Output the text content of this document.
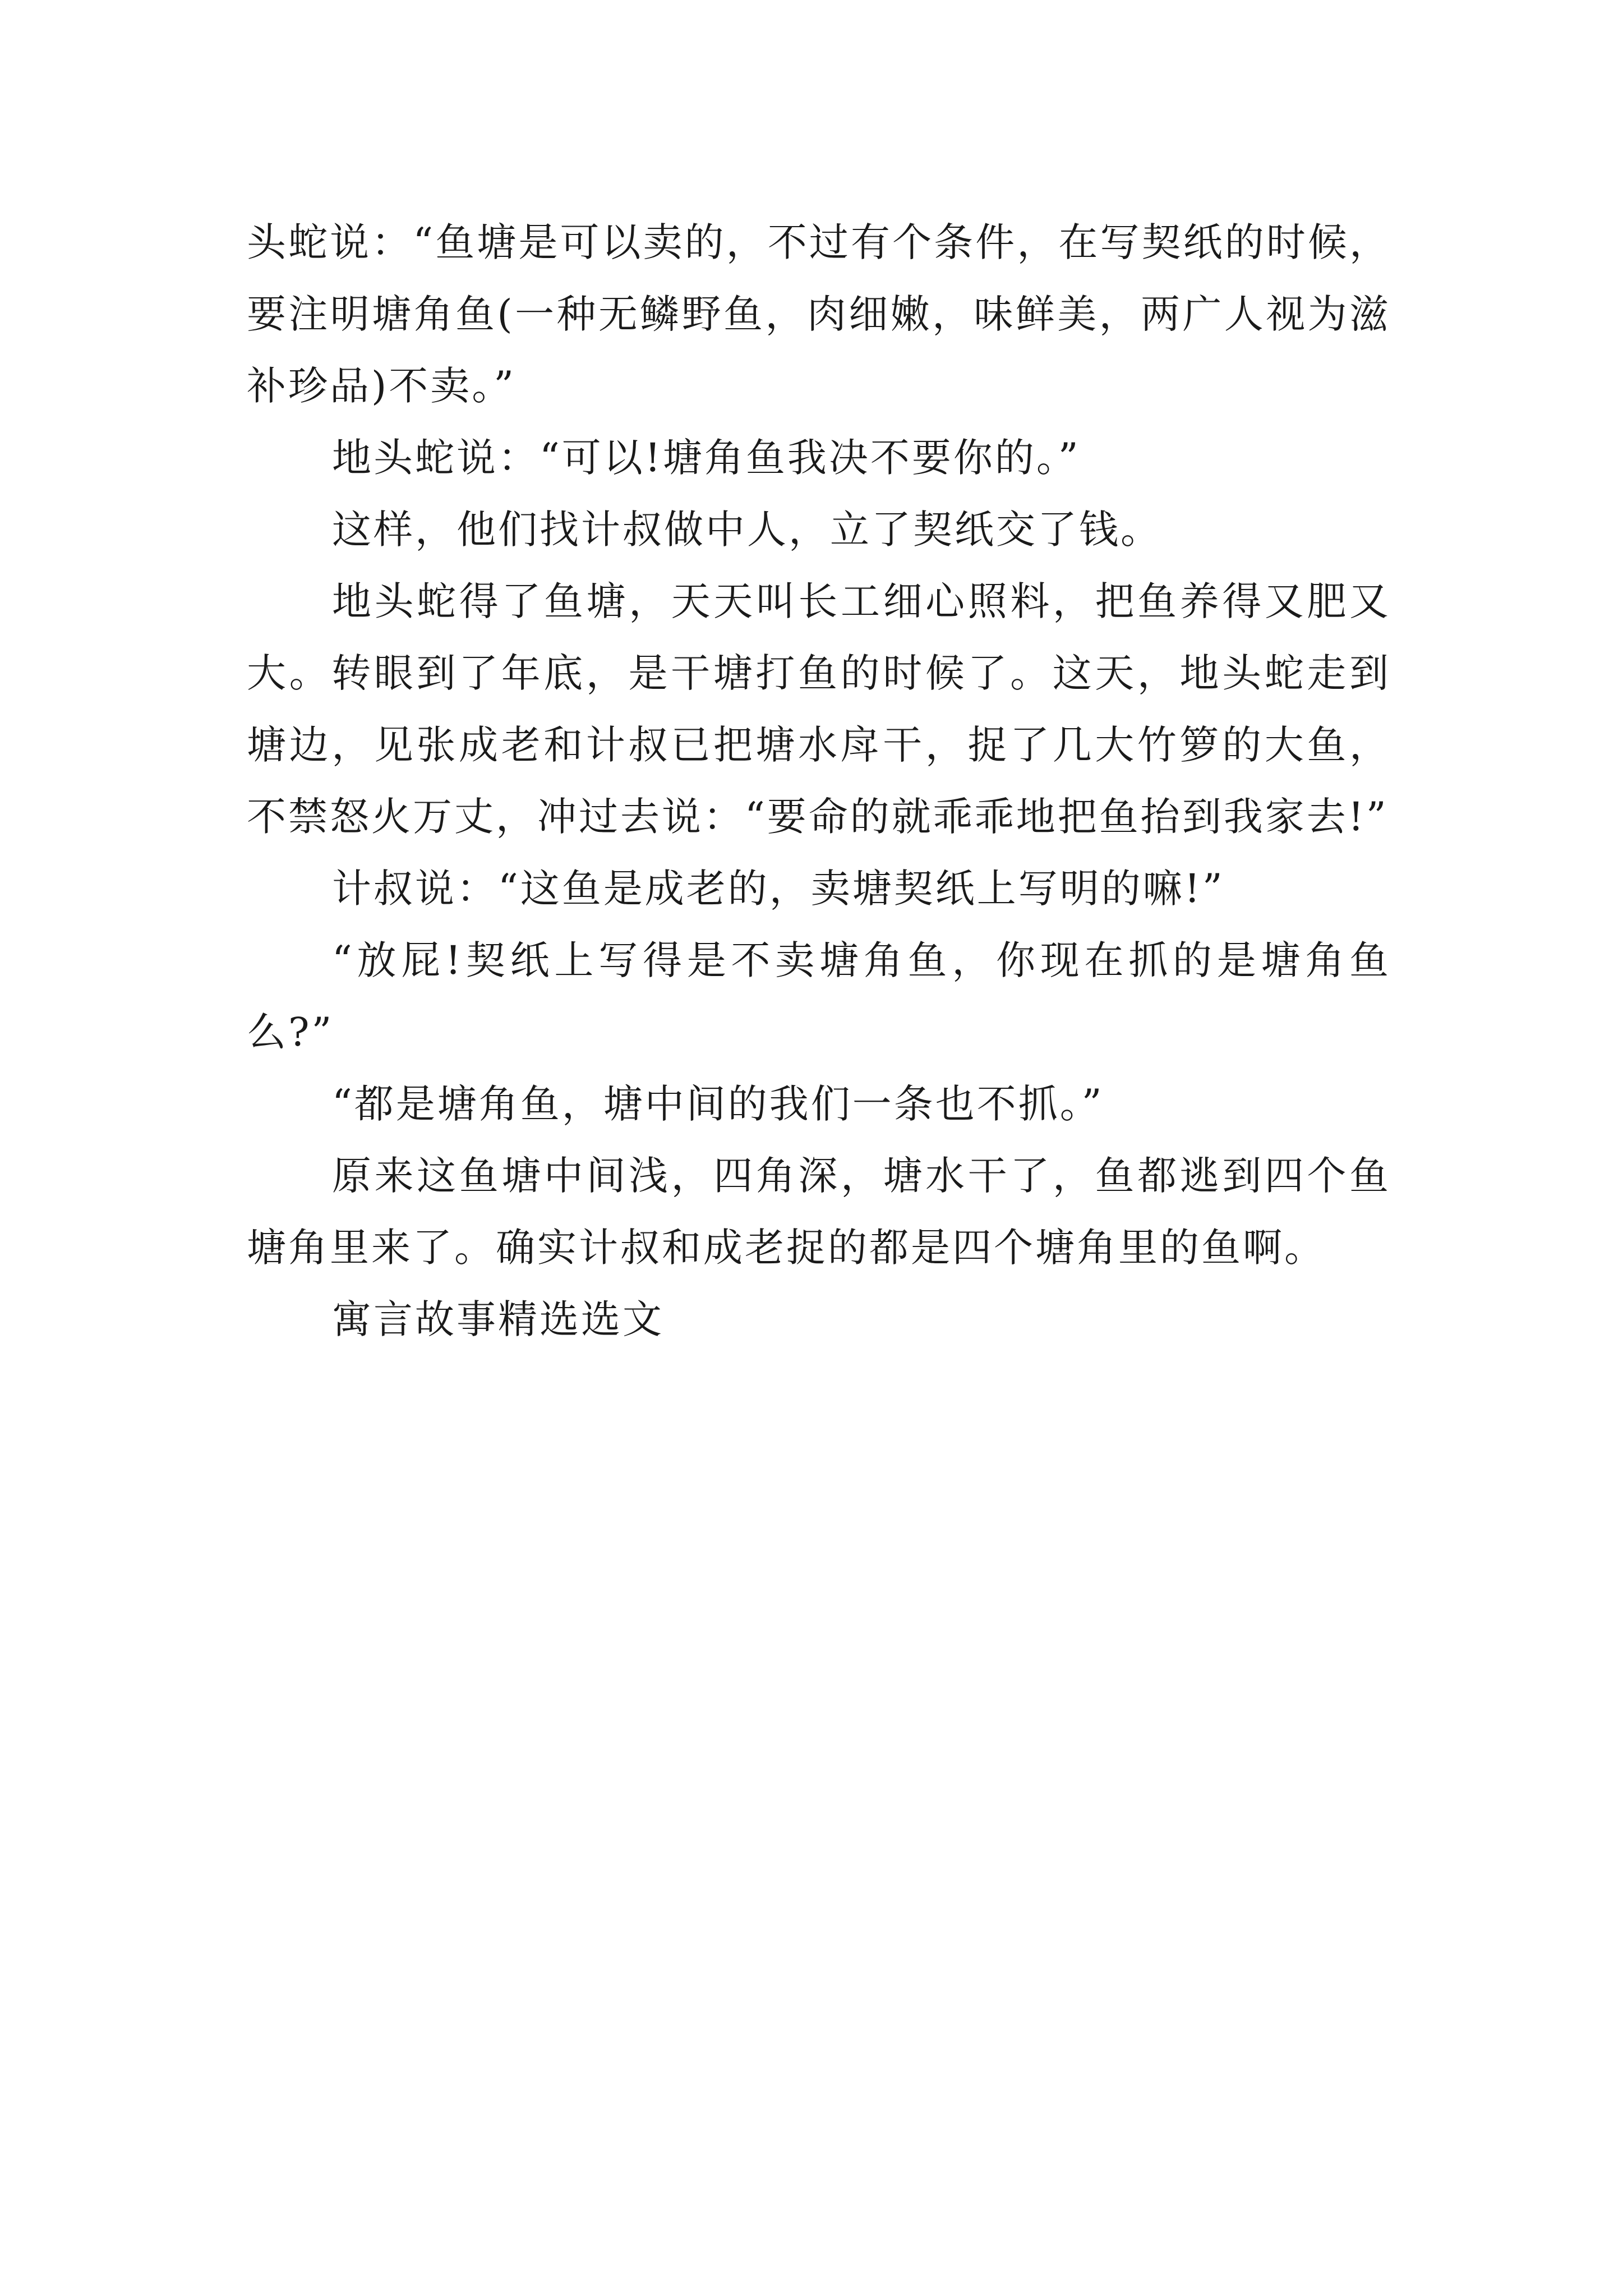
头蛇说：“鱼塘是可以卖的，不过有个条件，在写契纸的时候，要注明塘角鱼(一种无鳞野鱼，肉细嫩，味鲜美，两广人视为滋补珍品)不卖。”

地头蛇说：“可以!塘角鱼我决不要你的。”

这样，他们找计叔做中人，立了契纸交了钱。

地头蛇得了鱼塘，天天叫长工细心照料，把鱼养得又肥又大。转眼到了年底，是干塘打鱼的时候了。这天，地头蛇走到塘边，见张成老和计叔已把塘水戽干，捉了几大竹箩的大鱼，不禁怒火万丈，冲过去说：“要命的就乖乖地把鱼抬到我家去!”

计叔说：“这鱼是成老的，卖塘契纸上写明的嘛!”

“放屁!契纸上写得是不卖塘角鱼，你现在抓的是塘角鱼么?”

“都是塘角鱼，塘中间的我们一条也不抓。”

原来这鱼塘中间浅，四角深，塘水干了，鱼都逃到四个鱼塘角里来了。确实计叔和成老捉的都是四个塘角里的鱼啊。

寓言故事精选选文
